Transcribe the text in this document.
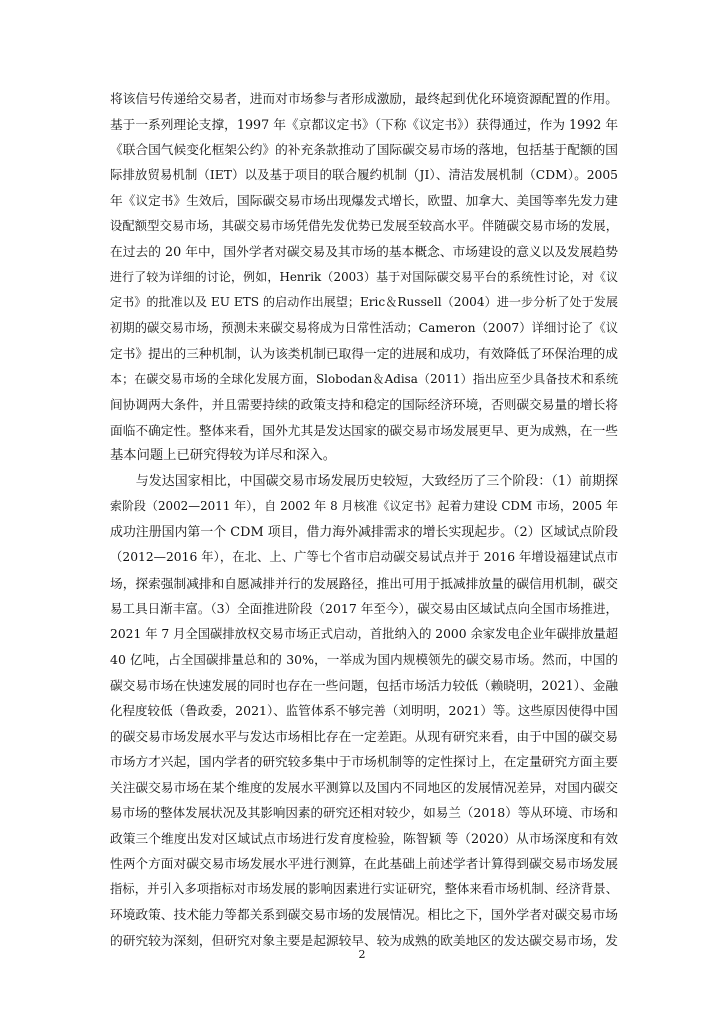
将该信号传递给交易者，进而对市场参与者形成激励，最终起到优化环境资源配置的作用。
基于一系列理论支撑，1997 年《京都议定书》（下称《议定书》）获得通过，作为 1992 年
《联合国气候变化框架公约》的补充条款推动了国际碳交易市场的落地，包括基于配额的国
际排放贸易机制（IET）以及基于项目的联合履约机制（JI）、清洁发展机制（CDM）。2005
年《议定书》生效后，国际碳交易市场出现爆发式增长，欧盟、加拿大、美国等率先发力建
设配额型交易市场，其碳交易市场凭借先发优势已发展至较高水平。伴随碳交易市场的发展，
在过去的 20 年中，国外学者对碳交易及其市场的基本概念、市场建设的意义以及发展趋势
进行了较为详细的讨论，例如，Henrik（2003）基于对国际碳交易平台的系统性讨论，对《议
定书》的批准以及 EU ETS 的启动作出展望；Eric＆Russell（2004）进一步分析了处于发展
初期的碳交易市场，预测未来碳交易将成为日常性活动；Cameron（2007）详细讨论了《议
定书》提出的三种机制，认为该类机制已取得一定的进展和成功，有效降低了环保治理的成
本；在碳交易市场的全球化发展方面，Slobodan＆Adisa（2011）指出应至少具备技术和系统
间协调两大条件，并且需要持续的政策支持和稳定的国际经济环境，否则碳交易量的增长将
面临不确定性。整体来看，国外尤其是发达国家的碳交易市场发展更早、更为成熟，在一些
基本问题上已研究得较为详尽和深入。
与发达国家相比，中国碳交易市场发展历史较短，大致经历了三个阶段：（1）前期探
索阶段（2002—2011 年），自 2002 年 8 月核准《议定书》起着力建设 CDM 市场，2005 年
成功注册国内第一个 CDM 项目，借力海外减排需求的增长实现起步。（2）区域试点阶段
（2012—2016 年），在北、上、广等七个省市启动碳交易试点并于 2016 年增设福建试点市
场，探索强制减排和自愿减排并行的发展路径，推出可用于抵减排放量的碳信用机制，碳交
易工具日渐丰富。（3）全面推进阶段（2017 年至今），碳交易由区域试点向全国市场推进，
2021 年 7 月全国碳排放权交易市场正式启动，首批纳入的 2000 余家发电企业年碳排放量超
40 亿吨，占全国碳排量总和的 30%，一举成为国内规模领先的碳交易市场。然而，中国的
碳交易市场在快速发展的同时也存在一些问题，包括市场活力较低（赖晓明，2021）、金融
化程度较低（鲁政委，2021）、监管体系不够完善（刘明明，2021）等。这些原因使得中国
的碳交易市场发展水平与发达市场相比存在一定差距。从现有研究来看，由于中国的碳交易
市场方才兴起，国内学者的研究较多集中于市场机制等的定性探讨上，在定量研究方面主要
关注碳交易市场在某个维度的发展水平测算以及国内不同地区的发展情况差异，对国内碳交
易市场的整体发展状况及其影响因素的研究还相对较少，如易兰（2018）等从环境、市场和
政策三个维度出发对区域试点市场进行发育度检验，陈智颖 等（2020）从市场深度和有效
性两个方面对碳交易市场发展水平进行测算，在此基础上前述学者计算得到碳交易市场发展
指标，并引入多项指标对市场发展的影响因素进行实证研究，整体来看市场机制、经济背景、
环境政策、技术能力等都关系到碳交易市场的发展情况。相比之下，国外学者对碳交易市场
的研究较为深刻，但研究对象主要是起源较早、较为成熟的欧美地区的发达碳交易市场，发
2
